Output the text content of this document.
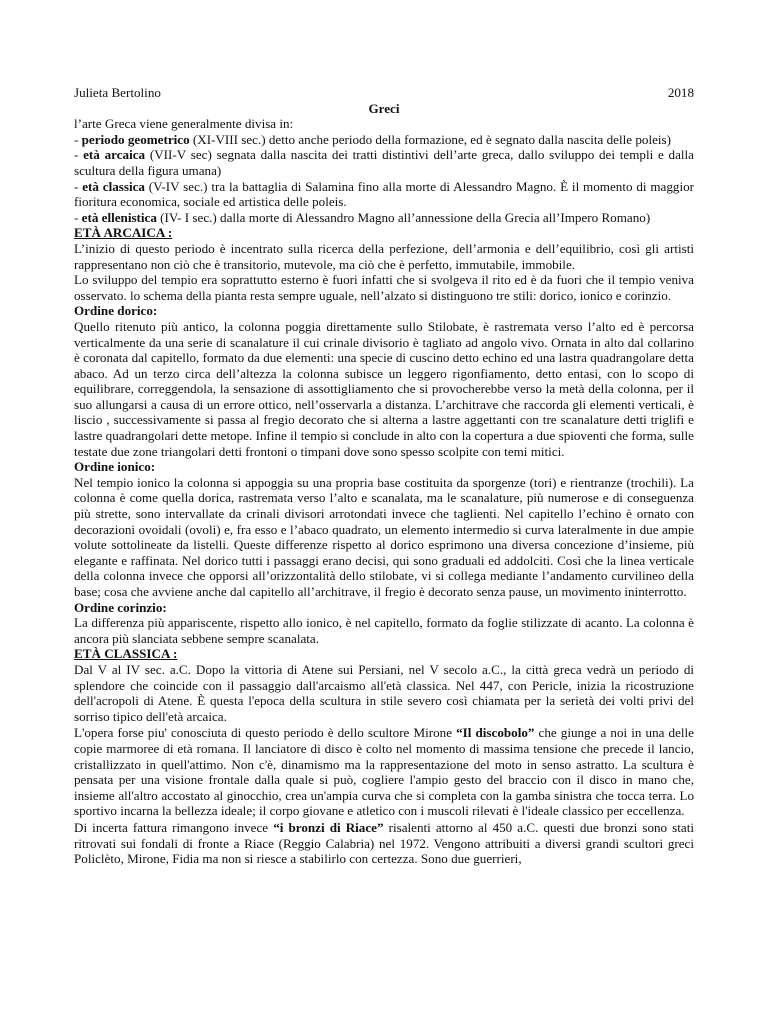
Julieta Bertolino	2018
Greci

l’arte Greca viene generalmente divisa in:

- periodo geometrico (XI-VIII sec.) detto anche periodo della formazione, ed è segnato dalla nascita delle poleis)

- età arcaica (VII-V sec) segnata dalla nascita dei tratti distintivi dell’arte greca, dallo sviluppo dei templi e dalla scultura della figura umana)

- età classica (V-IV sec.) tra la battaglia di Salamina fino alla morte di Alessandro Magno. È il momento di maggior fioritura economica, sociale ed artistica delle poleis.

- età ellenistica (IV- I sec.) dalla morte di Alessandro Magno all’annessione della Grecia all’Impero Romano)

ETÀ ARCAICA :

L’inizio di questo periodo è incentrato sulla ricerca della perfezione, dell’armonia e dell’equilibrio, così gli artisti rappresentano non ciò che è transitorio, mutevole, ma ciò che è perfetto, immutabile, immobile.

Lo sviluppo del tempio era soprattutto esterno è fuori infatti che si svolgeva il rito ed è da fuori che il tempio veniva osservato. lo schema della pianta resta sempre uguale, nell’alzato si distinguono tre stili: dorico, ionico e corinzio.

Ordine dorico:

Quello ritenuto più antico, la colonna poggia direttamente sullo Stilobate, è rastremata verso l’alto ed è percorsa verticalmente da una serie di scanalature il cui crinale divisorio è tagliato ad angolo vivo. Ornata in alto dal collarino è coronata dal capitello, formato da due elementi: una specie di cuscino detto echino ed una lastra quadrangolare detta abaco. Ad un terzo circa dell’altezza la colonna subisce un leggero rigonfiamento, detto entasi, con lo scopo di equilibrare, correggendola, la sensazione di assottigliamento che si provocherebbe verso la metà della colonna, per il suo allungarsi a causa di un errore ottico, nell’osservarla a distanza. L’architrave che raccorda gli elementi verticali, è liscio , successivamente si passa al fregio decorato che si alterna a lastre aggettanti con tre scanalature detti triglifi e lastre quadrangolari dette metope. Infine il tempio si conclude in alto con la copertura a due spioventi che forma, sulle testate due zone triangolari detti frontoni o timpani dove sono spesso scolpite con temi mitici.

Ordine ionico:

Nel tempio ionico la colonna si appoggia su una propria base costituita da sporgenze (tori) e rientranze (trochili). La colonna è come quella dorica, rastremata verso l’alto e scanalata, ma le scanalature, più numerose e di conseguenza più strette, sono intervallate da crinali divisori arrotondati invece che taglienti. Nel capitello l’echino è ornato con decorazioni ovoidali (ovoli) e, fra esso e l’abaco quadrato, un elemento intermedio si curva lateralmente in due ampie volute sottolineate da listelli. Queste differenze rispetto al dorico esprimono una diversa concezione d’insieme, più elegante e raffinata. Nel dorico tutti i passaggi erano decisi, qui sono graduali ed addolciti. Così che la linea verticale della colonna invece che opporsi all’orizzontalità dello stilobate, vi si collega mediante l’andamento curvilineo della base; cosa che avviene anche dal capitello all’architrave, il fregio è decorato senza pause, un movimento ininterrotto.

Ordine corinzio:

La differenza più appariscente, rispetto allo ionico, è nel capitello, formato da foglie stilizzate di acanto. La colonna è ancora più slanciata sebbene sempre scanalata.

ETÀ CLASSICA :

Dal V al IV sec. a.C. Dopo la vittoria di Atene sui Persiani, nel V secolo a.C., la città greca vedrà un periodo di splendore che coincide con il passaggio dall'arcaismo all'età classica. Nel 447, con Pericle, inizia la ricostruzione dell'acropoli di Atene. È questa l'epoca della scultura in stile severo così chiamata per la serietà dei volti privi del sorriso tipico dell'età arcaica.

L'opera forse piu' conosciuta di questo periodo è dello scultore Mirone “Il discobolo” che giunge a noi in una delle copie marmoree di età romana. Il lanciatore di disco è colto nel momento di massima tensione che precede il lancio, cristallizzato in quell'attimo. Non c'è, dinamismo ma la rappresentazione del moto in senso astratto. La scultura è pensata per una visione frontale dalla quale si può, cogliere l'ampio gesto del braccio con il disco in mano che, insieme all'altro accostato al ginocchio, crea un'ampia curva che si completa con la gamba sinistra che tocca terra. Lo sportivo incarna la bellezza ideale; il corpo giovane e atletico con i muscoli rilevati è l'ideale classico per eccellenza.

Di incerta fattura rimangono invece “i bronzi di Riace” risalenti attorno al 450 a.C. questi due bronzi sono stati ritrovati sui fondali di fronte a Riace (Reggio Calabria) nel 1972. Vengono attribuiti a diversi grandi scultori greci Policlèto, Mirone, Fidia ma non si riesce a stabilirlo con certezza. Sono due guerrieri,
